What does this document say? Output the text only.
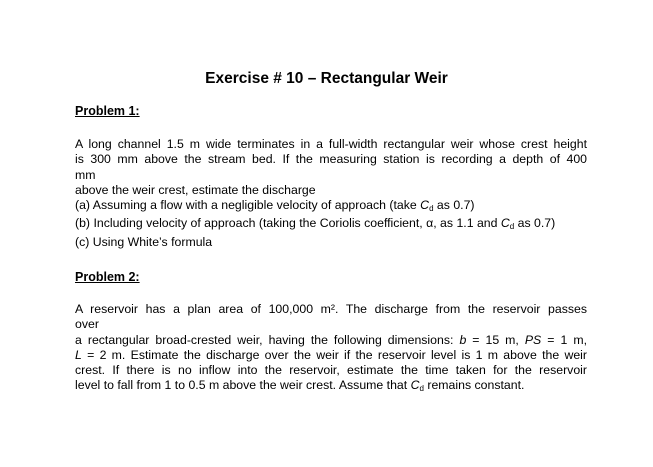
Exercise # 10 – Rectangular Weir
Problem 1:
A long channel 1.5 m wide terminates in a full-width rectangular weir whose crest height
is 300 mm above the stream bed. If the measuring station is recording a depth of 400
mm
above the weir crest, estimate the discharge
(a) Assuming a flow with a negligible velocity of approach (take Cd as 0.7)
(b) Including velocity of approach (taking the Coriolis coefficient, α, as 1.1 and Cd as 0.7)
(c) Using White’s formula
Problem 2:
A reservoir has a plan area of 100,000 m². The discharge from the reservoir passes
over
a rectangular broad-crested weir, having the following dimensions: b = 15 m, PS = 1 m,
L = 2 m. Estimate the discharge over the weir if the reservoir level is 1 m above the weir
crest. If there is no inflow into the reservoir, estimate the time taken for the reservoir
level to fall from 1 to 0.5 m above the weir crest. Assume that Cd remains constant.
